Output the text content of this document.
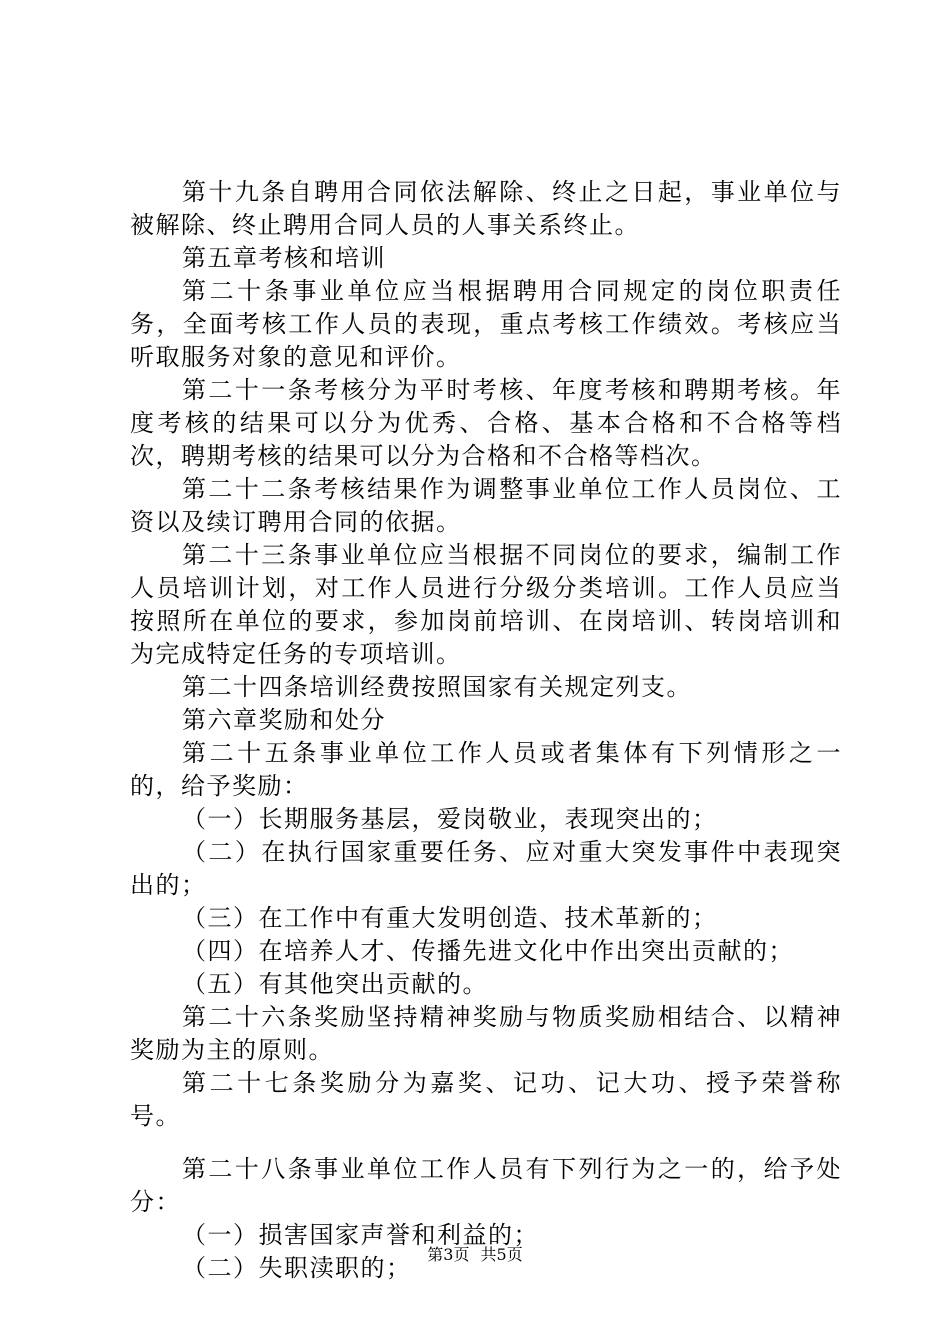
第十九条自聘用合同依法解除、终止之日起，事业单位与被解除、终止聘用合同人员的人事关系终止。

第五章考核和培训

第二十条事业单位应当根据聘用合同规定的岗位职责任务，全面考核工作人员的表现，重点考核工作绩效。考核应当听取服务对象的意见和评价。

第二十一条考核分为平时考核、年度考核和聘期考核。年度考核的结果可以分为优秀、合格、基本合格和不合格等档次，聘期考核的结果可以分为合格和不合格等档次。

第二十二条考核结果作为调整事业单位工作人员岗位、工资以及续订聘用合同的依据。

第二十三条事业单位应当根据不同岗位的要求，编制工作人员培训计划，对工作人员进行分级分类培训。工作人员应当按照所在单位的要求，参加岗前培训、在岗培训、转岗培训和为完成特定任务的专项培训。

第二十四条培训经费按照国家有关规定列支。

第六章奖励和处分

第二十五条事业单位工作人员或者集体有下列情形之一的，给予奖励：

（一）长期服务基层，爱岗敬业，表现突出的；

（二）在执行国家重要任务、应对重大突发事件中表现突出的；

（三）在工作中有重大发明创造、技术革新的；

（四）在培养人才、传播先进文化中作出突出贡献的；

（五）有其他突出贡献的。

第二十六条奖励坚持精神奖励与物质奖励相结合、以精神奖励为主的原则。

第二十七条奖励分为嘉奖、记功、记大功、授予荣誉称号。

第二十八条事业单位工作人员有下列行为之一的，给予处分：

（一）损害国家声誉和利益的；

（二）失职渎职的； 第3页 共5页
